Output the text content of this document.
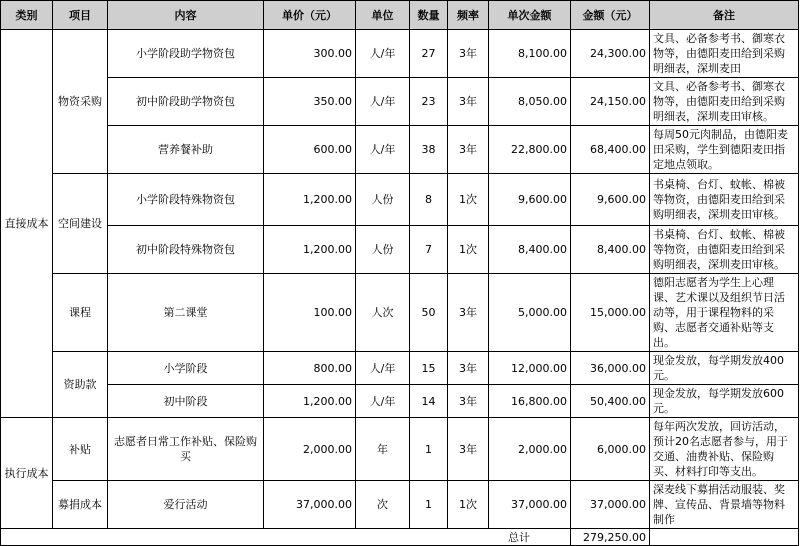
类别	项目	内容	单价（元）	单位	数量	频率	单次金额	金额（元）	备注
直接成本	物资采购	小学阶段助学物资包	300.00	人/年	27	3年	8,100.00	24,300.00	文具、必备参考书、御寒衣物等，由德阳麦田给到采购明细表，深圳麦田
		初中阶段助学物资包	350.00	人/年	23	3年	8,050.00	24,150.00	文具、必备参考书、御寒衣物等，由德阳麦田给到采购明细表，深圳麦田审核。
		营养餐补助	600.00	人/年	38	3年	22,800.00	68,400.00	每周50元肉制品，由德阳麦田采购，学生到德阳麦田指定地点领取。
	空间建设	小学阶段特殊物资包	1,200.00	人份	8	1次	9,600.00	9,600.00	书桌椅、台灯、蚊帐、棉被等物资，由德阳麦田给到采购明细表，深圳麦田审核。
		初中阶段特殊物资包	1,200.00	人份	7	1次	8,400.00	8,400.00	书桌椅、台灯、蚊帐、棉被等物资，由德阳麦田给到采购明细表，深圳麦田审核。
	课程	第二课堂	100.00	人次	50	3年	5,000.00	15,000.00	德阳志愿者为学生上心理课、艺术课以及组织节日活动等，用于课程物料的采购、志愿者交通补贴等支出。
	资助款	小学阶段	800.00	人/年	15	3年	12,000.00	36,000.00	现金发放，每学期发放400元。
		初中阶段	1,200.00	人/年	14	3年	16,800.00	50,400.00	现金发放，每学期发放600元。
执行成本	补贴	志愿者日常工作补贴、保险购买	2,000.00	年	1	3年	2,000.00	6,000.00	每年两次发放，回访活动，预计20名志愿者参与，用于交通、油费补贴、保险购买、材料打印等支出。
	募捐成本	爱行活动	37,000.00	次	1	1次	37,000.00	37,000.00	深麦线下募捐活动服装、奖牌、宣传品、背景墙等物料制作
总计								279,250.00	
